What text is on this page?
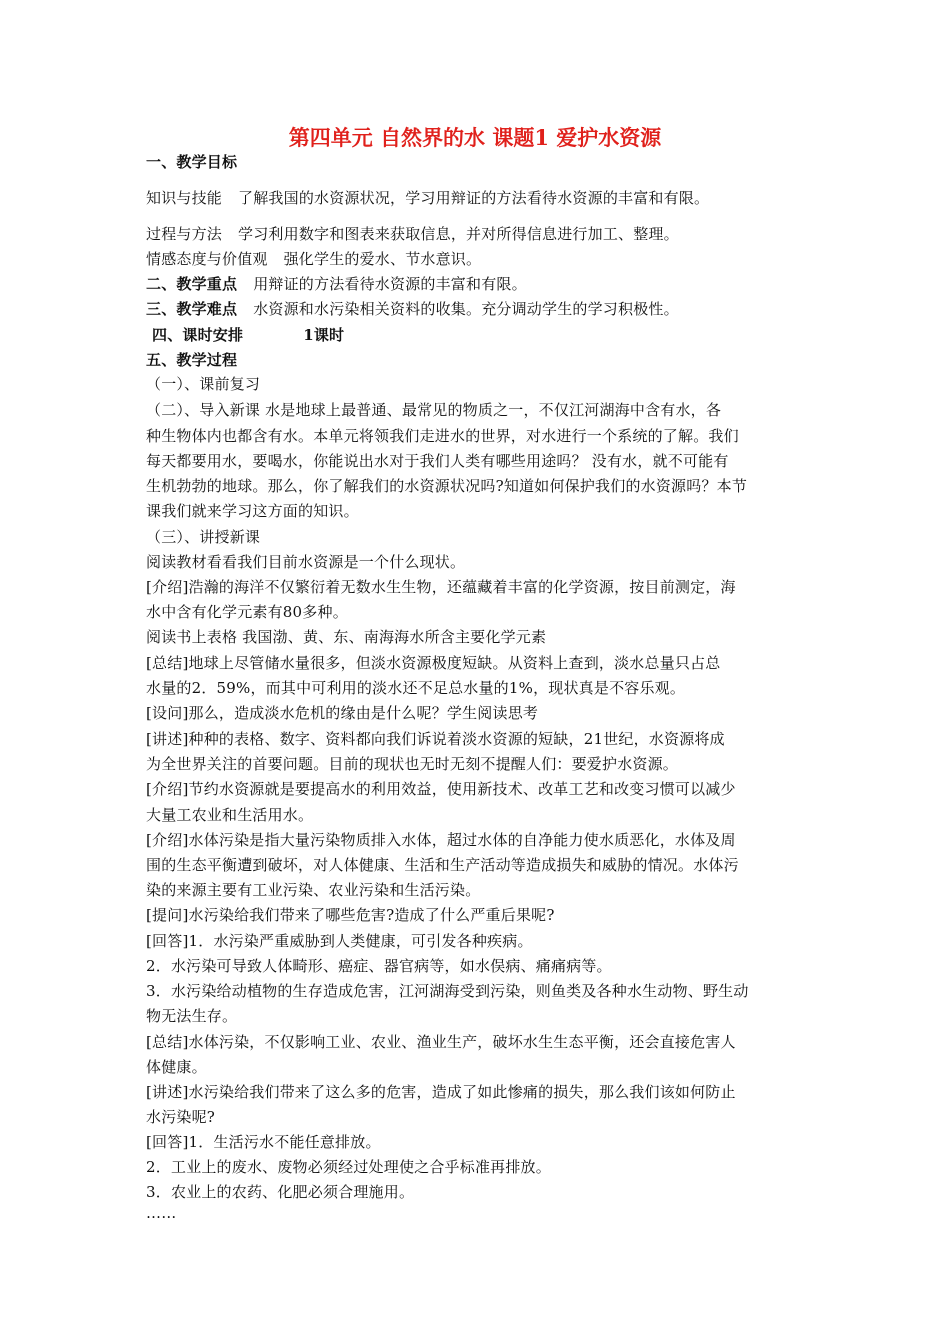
第四单元 自然界的水 课题1 爱护水资源
一、教学目标
知识与技能 了解我国的水资源状况，学习用辩证的方法看待水资源的丰富和有限。
过程与方法 学习利用数字和图表来获取信息，并对所得信息进行加工、整理。
情感态度与价值观 强化学生的爱水、节水意识。
二、教学重点 用辩证的方法看待水资源的丰富和有限。
三、教学难点 水资源和水污染相关资料的收集。充分调动学生的学习积极性。
四、课时安排	1课时
五、教学过程
（一）、课前复习
（二）、导入新课 水是地球上最普通、最常见的物质之一，不仅江河湖海中含有水，各
种生物体内也都含有水。本单元将领我们走进水的世界，对水进行一个系统的了解。我们
每天都要用水，要喝水，你能说出水对于我们人类有哪些用途吗？ 没有水，就不可能有
生机勃勃的地球。那么，你了解我们的水资源状况吗?知道如何保护我们的水资源吗？本节
课我们就来学习这方面的知识。
（三）、讲授新课
阅读教材看看我们目前水资源是一个什么现状。
[介绍]浩瀚的海洋不仅繁衍着无数水生生物，还蕴藏着丰富的化学资源，按目前测定，海
水中含有化学元素有80多种。
阅读书上表格 我国渤、黄、东、南海海水所含主要化学元素
[总结]地球上尽管储水量很多，但淡水资源极度短缺。从资料上查到，淡水总量只占总
水量的2．59%，而其中可利用的淡水还不足总水量的1%，现状真是不容乐观。
[设问]那么，造成淡水危机的缘由是什么呢？学生阅读思考
[讲述]种种的表格、数字、资料都向我们诉说着淡水资源的短缺，21世纪，水资源将成
为全世界关注的首要问题。目前的现状也无时无刻不提醒人们：要爱护水资源。
[介绍]节约水资源就是要提高水的利用效益，使用新技术、改革工艺和改变习惯可以减少
大量工农业和生活用水。
[介绍]水体污染是指大量污染物质排入水体，超过水体的自净能力使水质恶化，水体及周
围的生态平衡遭到破坏，对人体健康、生活和生产活动等造成损失和威胁的情况。水体污
染的来源主要有工业污染、农业污染和生活污染。
[提问]水污染给我们带来了哪些危害?造成了什么严重后果呢?
[回答]1．水污染严重威胁到人类健康，可引发各种疾病。
2．水污染可导致人体畸形、癌症、器官病等，如水俣病、痛痛病等。
3．水污染给动植物的生存造成危害，江河湖海受到污染，则鱼类及各种水生动物、野生动
物无法生存。
[总结]水体污染，不仅影响工业、农业、渔业生产，破坏水生生态平衡，还会直接危害人
体健康。
[讲述]水污染给我们带来了这么多的危害，造成了如此惨痛的损失，那么我们该如何防止
水污染呢?
[回答]1．生活污水不能任意排放。
2．工业上的废水、废物必须经过处理使之合乎标准再排放。
3．农业上的农药、化肥必须合理施用。
……
